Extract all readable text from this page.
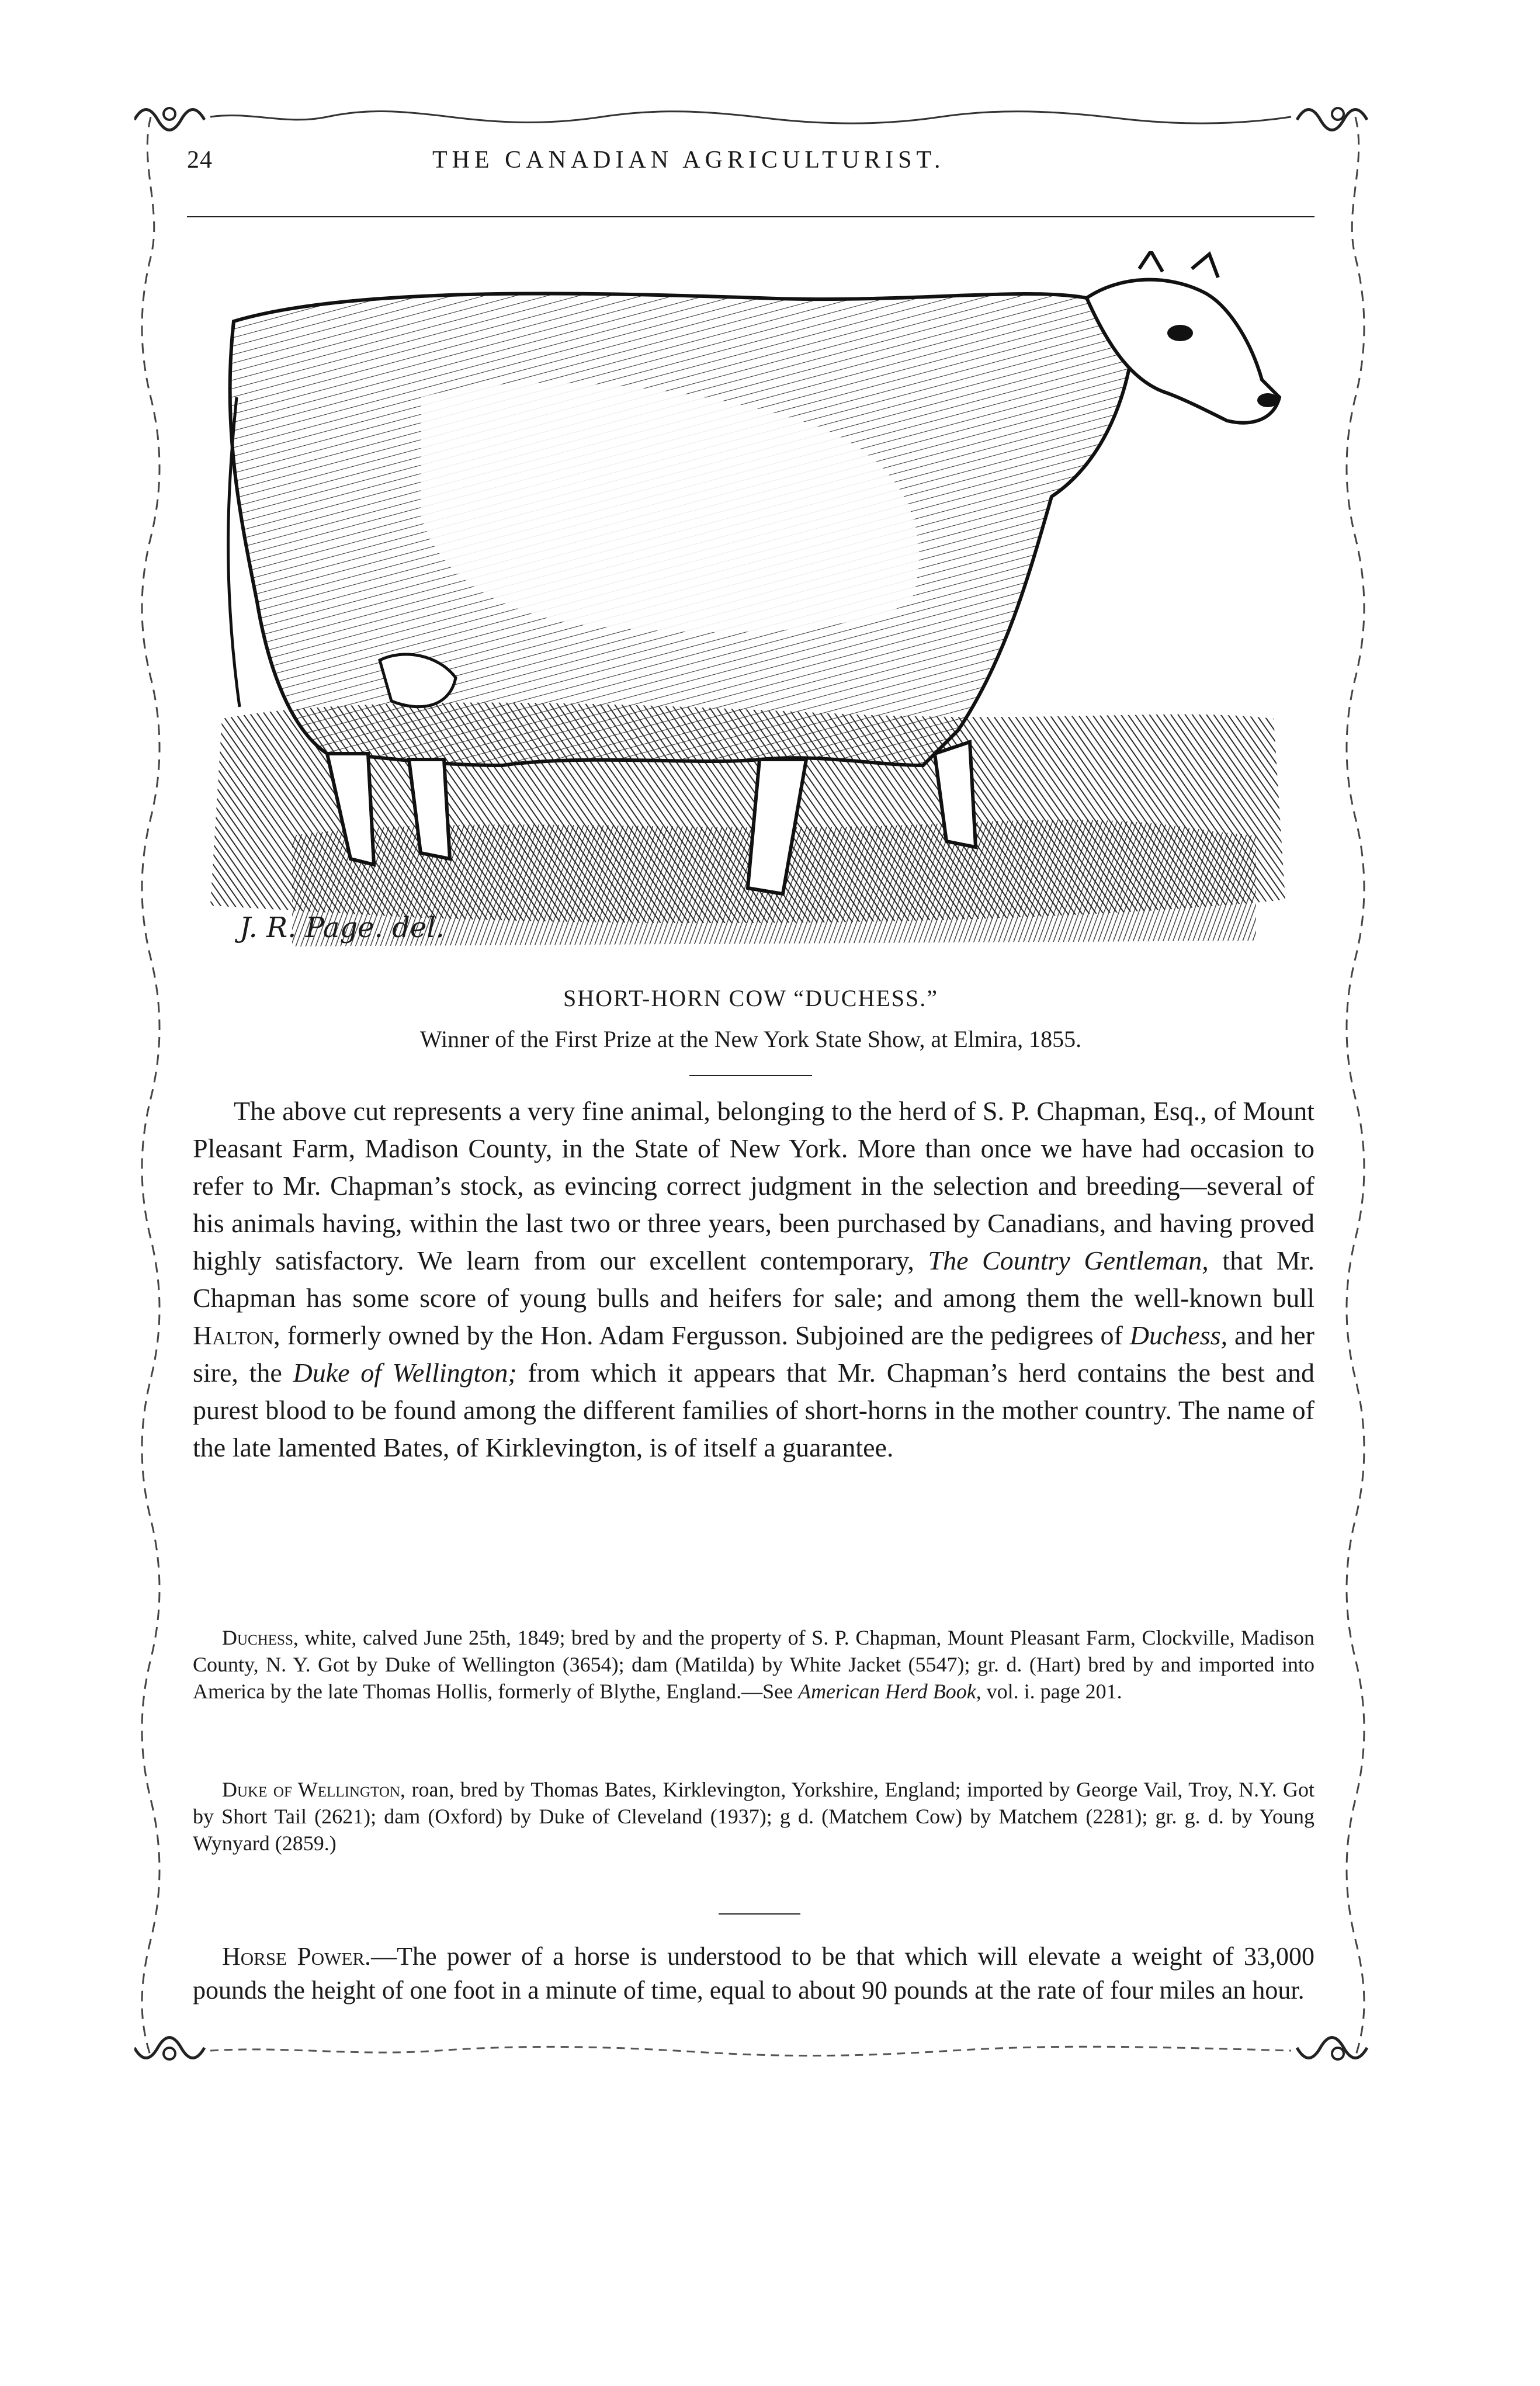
24	THE CANADIAN AGRICULTURIST.
J. R. Page. del.
SHORT-HORN COW “DUCHESS.”
Winner of the First Prize at the New York State Show, at Elmira, 1855.

The above cut represents a very fine animal, belonging to the herd of S. P. Chapman, Esq., of Mount Pleasant Farm, Madison County, in the State of New York. More than once we have had occasion to refer to Mr. Chapman’s stock, as evincing correct judgment in the selection and breeding—several of his animals having, within the last two or three years, been purchased by Canadians, and having proved highly satisfactory. We learn from our excellent contemporary, The Country Gentleman, that Mr. Chapman has some score of young bulls and heifers for sale; and among them the well-known bull Halton, formerly owned by the Hon. Adam Fergusson. Subjoined are the pedigrees of Duchess, and her sire, the Duke of Wellington; from which it appears that Mr. Chapman’s herd contains the best and purest blood to be found among the different families of short-horns in the mother country. The name of the late lamented Bates, of Kirklevington, is of itself a guarantee.

Duchess, white, calved June 25th, 1849; bred by and the property of S. P. Chapman, Mount Pleasant Farm, Clockville, Madison County, N. Y. Got by Duke of Wellington (3654); dam (Matilda) by White Jacket (5547); gr. d. (Hart) bred by and imported into America by the late Thomas Hollis, formerly of Blythe, England.—See American Herd Book, vol. i. page 201.

Duke of Wellington, roan, bred by Thomas Bates, Kirklevington, Yorkshire, England; imported by George Vail, Troy, N.Y. Got by Short Tail (2621); dam (Oxford) by Duke of Cleveland (1937); g d. (Matchem Cow) by Matchem (2281); gr. g. d. by Young Wynyard (2859.)

Horse Power.—The power of a horse is understood to be that which will elevate a weight of 33,000 pounds the height of one foot in a minute of time, equal to about 90 pounds at the rate of four miles an hour.
